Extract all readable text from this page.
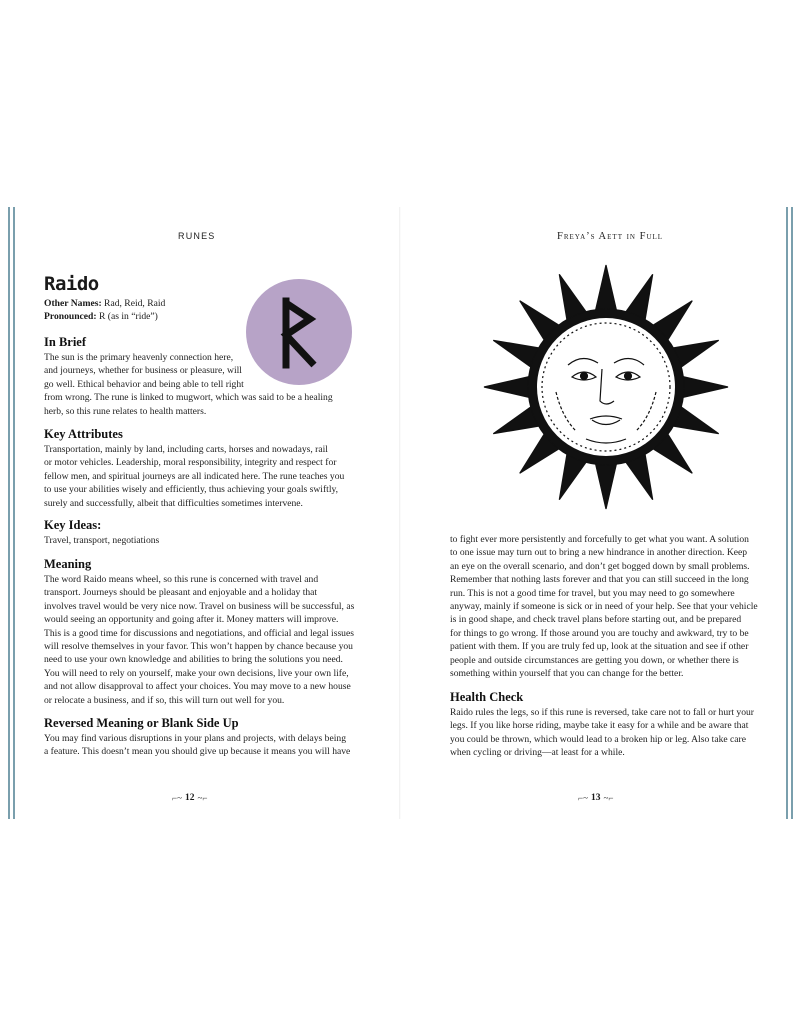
RUNES
Raido
Other Names: Rad, Reid, Raid
Pronounced: R (as in “ride”)
In Brief
The sun is the primary heavenly connection here,
and journeys, whether for business or pleasure, will
go well. Ethical behavior and being able to tell right
from wrong. The rune is linked to mugwort, which was said to be a healing
herb, so this rune relates to health matters.
Key Attributes
Transportation, mainly by land, including carts, horses and nowadays, rail
or motor vehicles. Leadership, moral responsibility, integrity and respect for
fellow men, and spiritual journeys are all indicated here. The rune teaches you
to use your abilities wisely and efficiently, thus achieving your goals swiftly,
surely and successfully, albeit that difficulties sometimes intervene.
Key Ideas:
Travel, transport, negotiations
Meaning
The word Raido means wheel, so this rune is concerned with travel and
transport. Journeys should be pleasant and enjoyable and a holiday that
involves travel would be very nice now. Travel on business will be successful, as
would seeing an opportunity and going after it. Money matters will improve.
This is a good time for discussions and negotiations, and official and legal issues
will resolve themselves in your favor. This won’t happen by chance because you
need to use your own knowledge and abilities to bring the solutions you need.
You will need to rely on yourself, make your own decisions, live your own life,
and not allow disapproval to affect your choices. You may move to a new house
or relocate a business, and if so, this will turn out well for you.
Reversed Meaning or Blank Side Up
You may find various disruptions in your plans and projects, with delays being
a feature. This doesn’t mean you should give up because it means you will have
⌐~ 12 ~⌐
Freya’s Aett in Full
to fight ever more persistently and forcefully to get what you want. A solution
to one issue may turn out to bring a new hindrance in another direction. Keep
an eye on the overall scenario, and don’t get bogged down by small problems.
Remember that nothing lasts forever and that you can still succeed in the long
run. This is not a good time for travel, but you may need to go somewhere
anyway, mainly if someone is sick or in need of your help. See that your vehicle
is in good shape, and check travel plans before starting out, and be prepared
for things to go wrong. If those around you are touchy and awkward, try to be
patient with them. If you are truly fed up, look at the situation and see if other
people and outside circumstances are getting you down, or whether there is
something within yourself that you can change for the better.
Health Check
Raido rules the legs, so if this rune is reversed, take care not to fall or hurt your
legs. If you like horse riding, maybe take it easy for a while and be aware that
you could be thrown, which would lead to a broken hip or leg. Also take care
when cycling or driving—at least for a while.
⌐~ 13 ~⌐
